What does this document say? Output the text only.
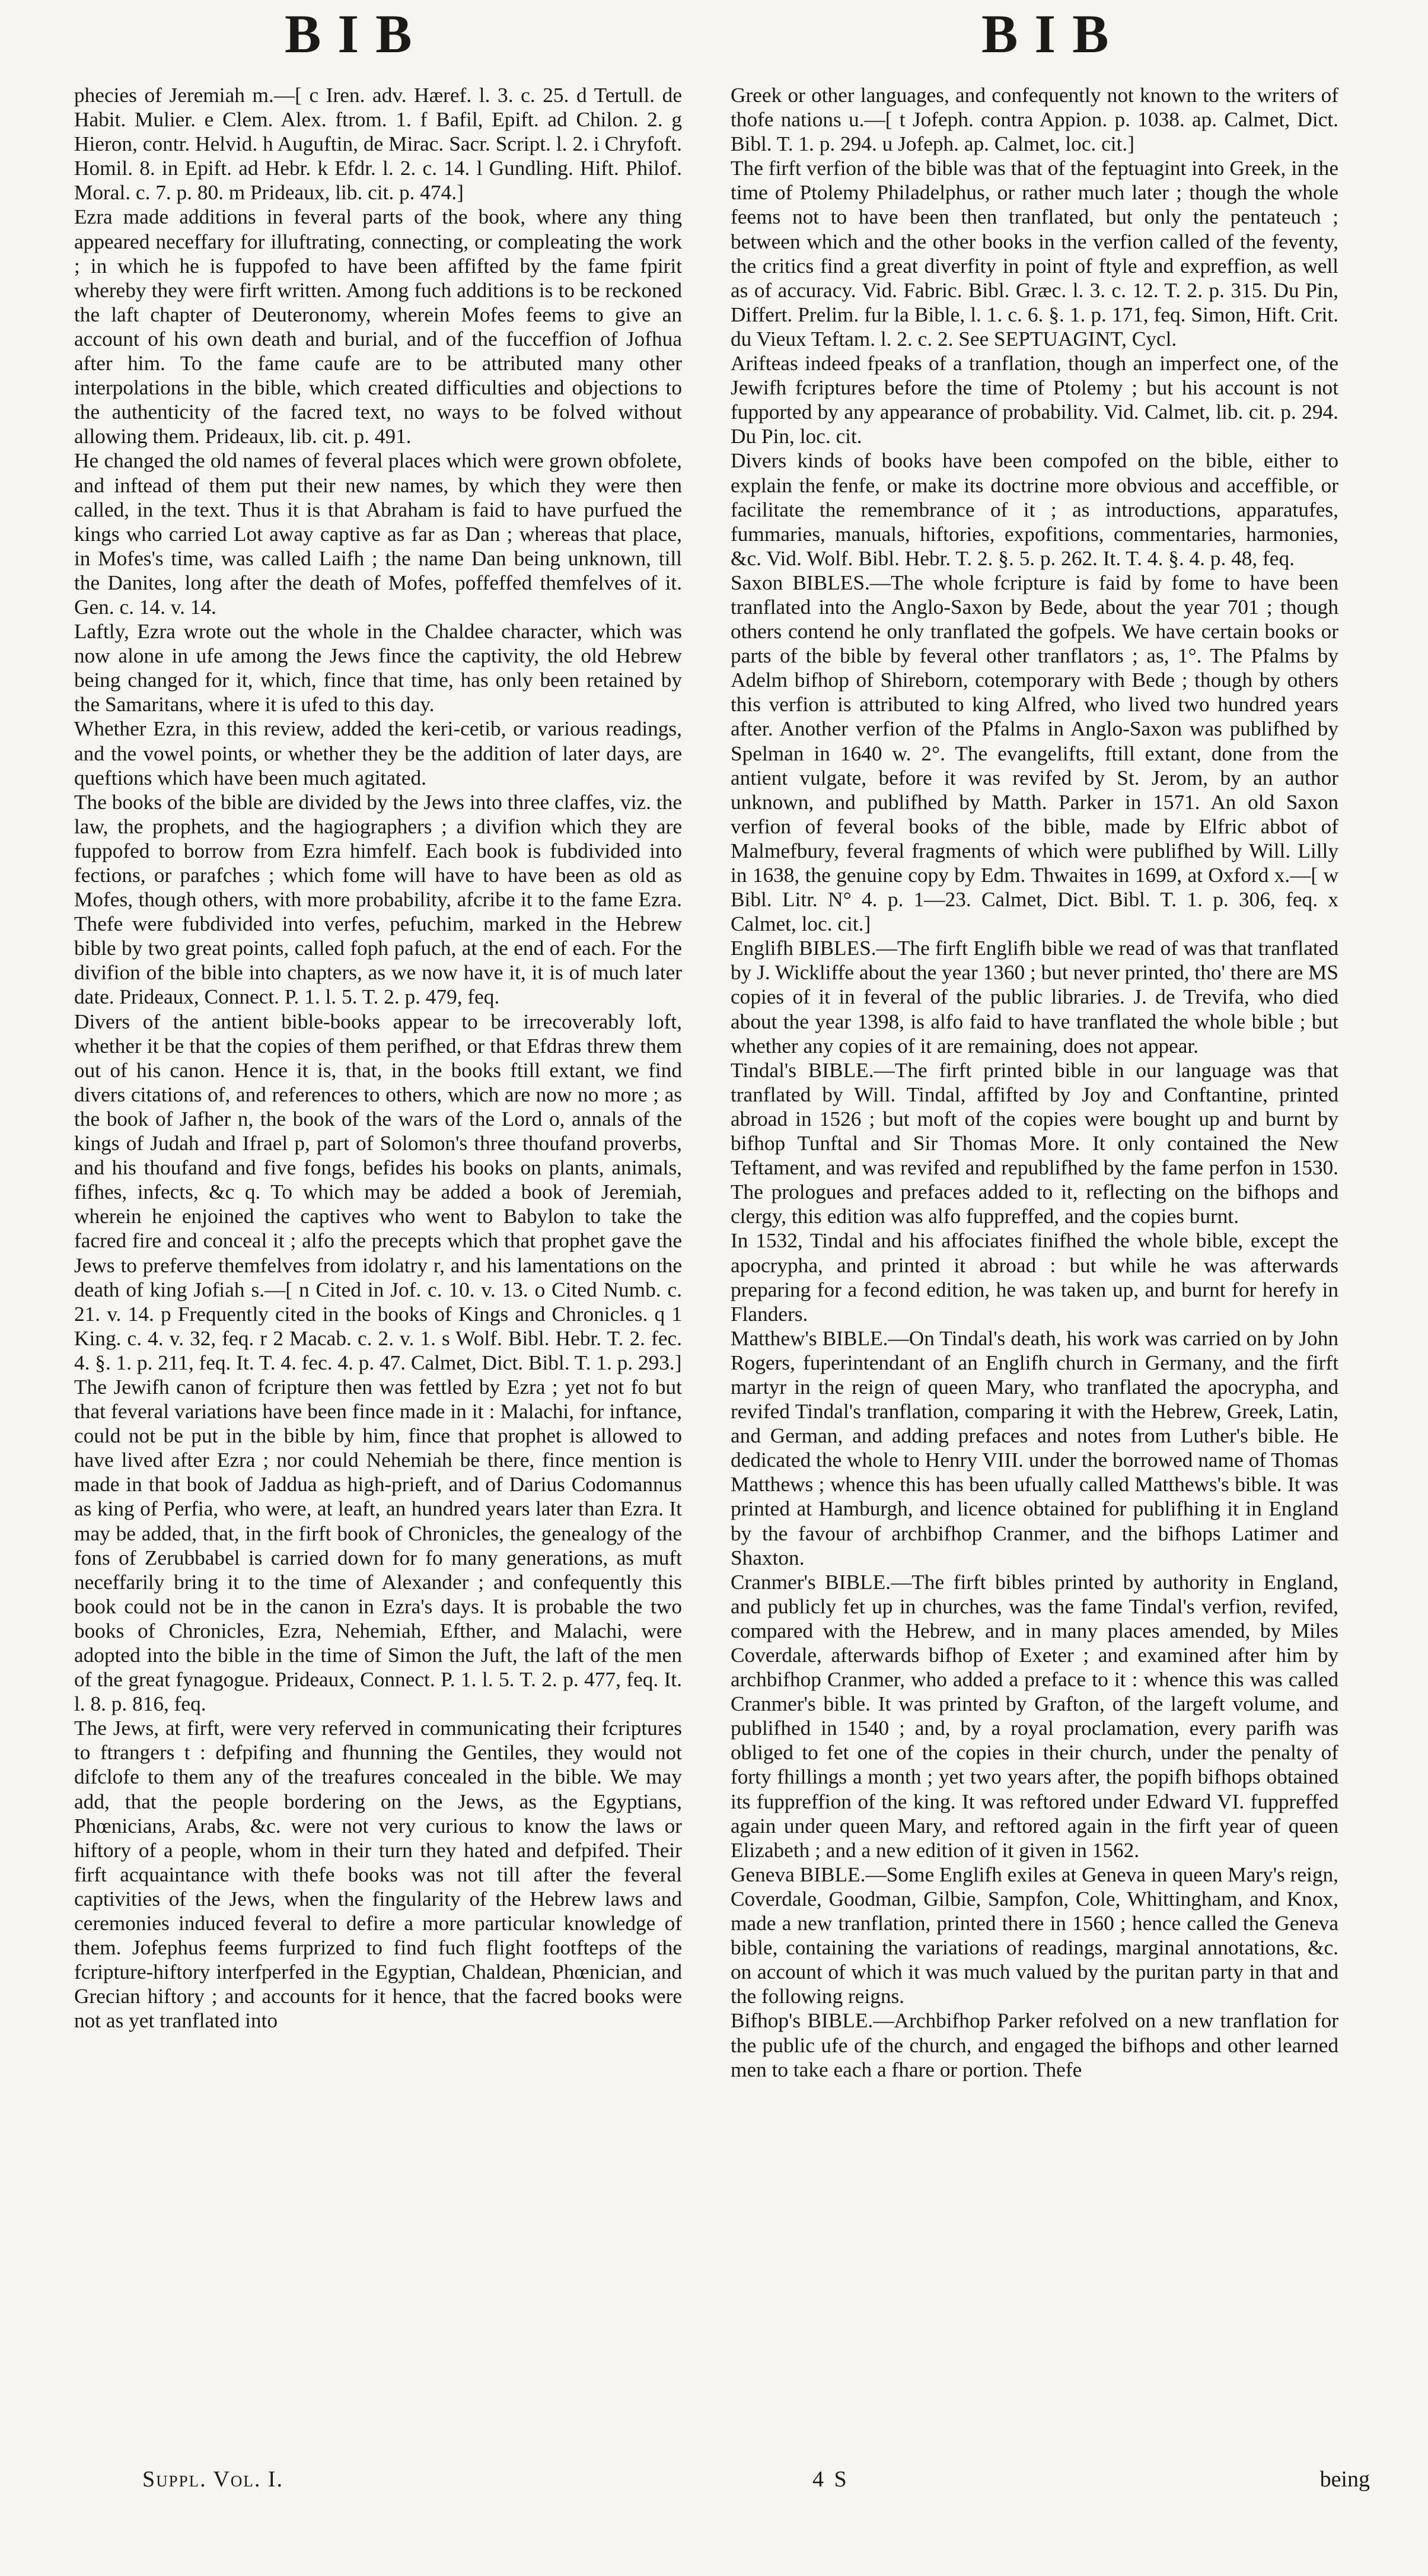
BIB	BIB

phecies of Jeremiah m.—[ c Iren. adv. Hæref. l. 3. c. 25. d Tertull. de Habit. Mulier. e Clem. Alex. ftrom. 1. f Bafil, Epift. ad Chilon. 2. g Hieron, contr. Helvid. h Auguftin, de Mirac. Sacr. Script. l. 2. i Chryfoft. Homil. 8. in Epift. ad Hebr. k Efdr. l. 2. c. 14. l Gundling. Hift. Philof. Moral. c. 7. p. 80. m Prideaux, lib. cit. p. 474.]

Ezra made additions in feveral parts of the book, where any thing appeared neceffary for illuftrating, connecting, or compleating the work ; in which he is fuppofed to have been affifted by the fame fpirit whereby they were firft written. Among fuch additions is to be reckoned the laft chapter of Deuteronomy, wherein Mofes feems to give an account of his own death and burial, and of the fucceffion of Jofhua after him. To the fame caufe are to be attributed many other interpolations in the bible, which created difficulties and objections to the authenticity of the facred text, no ways to be folved without allowing them. Prideaux, lib. cit. p. 491.

He changed the old names of feveral places which were grown obfolete, and inftead of them put their new names, by which they were then called, in the text. Thus it is that Abraham is faid to have purfued the kings who carried Lot away captive as far as Dan ; whereas that place, in Mofes's time, was called Laifh ; the name Dan being unknown, till the Danites, long after the death of Mofes, poffeffed themfelves of it. Gen. c. 14. v. 14.

Laftly, Ezra wrote out the whole in the Chaldee character, which was now alone in ufe among the Jews fince the captivity, the old Hebrew being changed for it, which, fince that time, has only been retained by the Samaritans, where it is ufed to this day.

Whether Ezra, in this review, added the keri-cetib, or various readings, and the vowel points, or whether they be the addition of later days, are queftions which have been much agitated.

The books of the bible are divided by the Jews into three claffes, viz. the law, the prophets, and the hagiographers ; a divifion which they are fuppofed to borrow from Ezra himfelf. Each book is fubdivided into fections, or parafches ; which fome will have to have been as old as Mofes, though others, with more probability, afcribe it to the fame Ezra. Thefe were fubdivided into verfes, pefuchim, marked in the Hebrew bible by two great points, called foph pafuch, at the end of each. For the divifion of the bible into chapters, as we now have it, it is of much later date. Prideaux, Connect. P. 1. l. 5. T. 2. p. 479, feq.

Divers of the antient bible-books appear to be irrecoverably loft, whether it be that the copies of them perifhed, or that Efdras threw them out of his canon. Hence it is, that, in the books ftill extant, we find divers citations of, and references to others, which are now no more ; as the book of Jafher n, the book of the wars of the Lord o, annals of the kings of Judah and Ifrael p, part of Solomon's three thoufand proverbs, and his thoufand and five fongs, befides his books on plants, animals, fifhes, infects, &c q. To which may be added a book of Jeremiah, wherein he enjoined the captives who went to Babylon to take the facred fire and conceal it ; alfo the precepts which that prophet gave the Jews to preferve themfelves from idolatry r, and his lamentations on the death of king Jofiah s.—[ n Cited in Jof. c. 10. v. 13. o Cited Numb. c. 21. v. 14. p Frequently cited in the books of Kings and Chronicles. q 1 King. c. 4. v. 32, feq. r 2 Macab. c. 2. v. 1. s Wolf. Bibl. Hebr. T. 2. fec. 4. §. 1. p. 211, feq. It. T. 4. fec. 4. p. 47. Calmet, Dict. Bibl. T. 1. p. 293.]

The Jewifh canon of fcripture then was fettled by Ezra ; yet not fo but that feveral variations have been fince made in it : Malachi, for inftance, could not be put in the bible by him, fince that prophet is allowed to have lived after Ezra ; nor could Nehemiah be there, fince mention is made in that book of Jaddua as high-prieft, and of Darius Codomannus as king of Perfia, who were, at leaft, an hundred years later than Ezra. It may be added, that, in the firft book of Chronicles, the genealogy of the fons of Zerubbabel is carried down for fo many generations, as muft neceffarily bring it to the time of Alexander ; and confequently this book could not be in the canon in Ezra's days. It is probable the two books of Chronicles, Ezra, Nehemiah, Efther, and Malachi, were adopted into the bible in the time of Simon the Juft, the laft of the men of the great fynagogue. Prideaux, Connect. P. 1. l. 5. T. 2. p. 477, feq. It. l. 8. p. 816, feq.

The Jews, at firft, were very referved in communicating their fcriptures to ftrangers t : defpifing and fhunning the Gentiles, they would not difclofe to them any of the treafures concealed in the bible. We may add, that the people bordering on the Jews, as the Egyptians, Phœnicians, Arabs, &c. were not very curious to know the laws or hiftory of a people, whom in their turn they hated and defpifed. Their firft acquaintance with thefe books was not till after the feveral captivities of the Jews, when the fingularity of the Hebrew laws and ceremonies induced feveral to defire a more particular knowledge of them. Jofephus feems furprized to find fuch flight footfteps of the fcripture-hiftory interfperfed in the Egyptian, Chaldean, Phœnician, and Grecian hiftory ; and accounts for it hence, that the facred books were not as yet tranflated into

Greek or other languages, and confequently not known to the writers of thofe nations u.—[ t Jofeph. contra Appion. p. 1038. ap. Calmet, Dict. Bibl. T. 1. p. 294. u Jofeph. ap. Calmet, loc. cit.]

The firft verfion of the bible was that of the feptuagint into Greek, in the time of Ptolemy Philadelphus, or rather much later ; though the whole feems not to have been then tranflated, but only the pentateuch ; between which and the other books in the verfion called of the feventy, the critics find a great diverfity in point of ftyle and expreffion, as well as of accuracy. Vid. Fabric. Bibl. Græc. l. 3. c. 12. T. 2. p. 315. Du Pin, Differt. Prelim. fur la Bible, l. 1. c. 6. §. 1. p. 171, feq. Simon, Hift. Crit. du Vieux Teftam. l. 2. c. 2. See SEPTUAGINT, Cycl.

Arifteas indeed fpeaks of a tranflation, though an imperfect one, of the Jewifh fcriptures before the time of Ptolemy ; but his account is not fupported by any appearance of probability. Vid. Calmet, lib. cit. p. 294. Du Pin, loc. cit.

Divers kinds of books have been compofed on the bible, either to explain the fenfe, or make its doctrine more obvious and acceffible, or facilitate the remembrance of it ; as introductions, apparatufes, fummaries, manuals, hiftories, expofitions, commentaries, harmonies, &c. Vid. Wolf. Bibl. Hebr. T. 2. §. 5. p. 262. It. T. 4. §. 4. p. 48, feq.

Saxon BIBLES.—The whole fcripture is faid by fome to have been tranflated into the Anglo-Saxon by Bede, about the year 701 ; though others contend he only tranflated the gofpels. We have certain books or parts of the bible by feveral other tranflators ; as, 1°. The Pfalms by Adelm bifhop of Shireborn, cotemporary with Bede ; though by others this verfion is attributed to king Alfred, who lived two hundred years after. Another verfion of the Pfalms in Anglo-Saxon was publifhed by Spelman in 1640 w. 2°. The evangelifts, ftill extant, done from the antient vulgate, before it was revifed by St. Jerom, by an author unknown, and publifhed by Matth. Parker in 1571. An old Saxon verfion of feveral books of the bible, made by Elfric abbot of Malmefbury, feveral fragments of which were publifhed by Will. Lilly in 1638, the genuine copy by Edm. Thwaites in 1699, at Oxford x.—[ w Bibl. Litr. N° 4. p. 1—23. Calmet, Dict. Bibl. T. 1. p. 306, feq. x Calmet, loc. cit.]

Englifh BIBLES.—The firft Englifh bible we read of was that tranflated by J. Wickliffe about the year 1360 ; but never printed, tho' there are MS copies of it in feveral of the public libraries. J. de Trevifa, who died about the year 1398, is alfo faid to have tranflated the whole bible ; but whether any copies of it are remaining, does not appear.

Tindal's BIBLE.—The firft printed bible in our language was that tranflated by Will. Tindal, affifted by Joy and Conftantine, printed abroad in 1526 ; but moft of the copies were bought up and burnt by bifhop Tunftal and Sir Thomas More. It only contained the New Teftament, and was revifed and republifhed by the fame perfon in 1530. The prologues and prefaces added to it, reflecting on the bifhops and clergy, this edition was alfo fuppreffed, and the copies burnt.

In 1532, Tindal and his affociates finifhed the whole bible, except the apocrypha, and printed it abroad : but while he was afterwards preparing for a fecond edition, he was taken up, and burnt for herefy in Flanders.

Matthew's BIBLE.—On Tindal's death, his work was carried on by John Rogers, fuperintendant of an Englifh church in Germany, and the firft martyr in the reign of queen Mary, who tranflated the apocrypha, and revifed Tindal's tranflation, comparing it with the Hebrew, Greek, Latin, and German, and adding prefaces and notes from Luther's bible. He dedicated the whole to Henry VIII. under the borrowed name of Thomas Matthews ; whence this has been ufually called Matthews's bible. It was printed at Hamburgh, and licence obtained for publifhing it in England by the favour of archbifhop Cranmer, and the bifhops Latimer and Shaxton.

Cranmer's BIBLE.—The firft bibles printed by authority in England, and publicly fet up in churches, was the fame Tindal's verfion, revifed, compared with the Hebrew, and in many places amended, by Miles Coverdale, afterwards bifhop of Exeter ; and examined after him by archbifhop Cranmer, who added a preface to it : whence this was called Cranmer's bible. It was printed by Grafton, of the largeft volume, and publifhed in 1540 ; and, by a royal proclamation, every parifh was obliged to fet one of the copies in their church, under the penalty of forty fhillings a month ; yet two years after, the popifh bifhops obtained its fuppreffion of the king. It was reftored under Edward VI. fuppreffed again under queen Mary, and reftored again in the firft year of queen Elizabeth ; and a new edition of it given in 1562.

Geneva BIBLE.—Some Englifh exiles at Geneva in queen Mary's reign, Coverdale, Goodman, Gilbie, Sampfon, Cole, Whittingham, and Knox, made a new tranflation, printed there in 1560 ; hence called the Geneva bible, containing the variations of readings, marginal annotations, &c. on account of which it was much valued by the puritan party in that and the following reigns.

Bifhop's BIBLE.—Archbifhop Parker refolved on a new tranflation for the public ufe of the church, and engaged the bifhops and other learned men to take each a fhare or portion. Thefe

Suppl. Vol. I.	4 S	being
